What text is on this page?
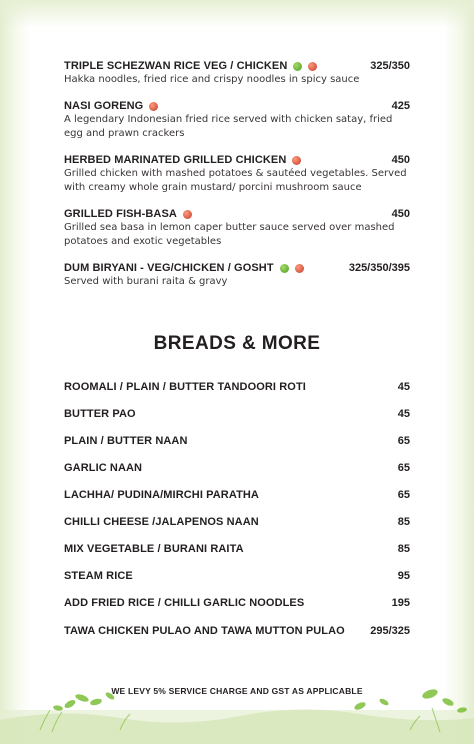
TRIPLE SCHEZWAN RICE VEG / CHICKEN	325/350
Hakka noodles, fried rice and crispy noodles in spicy sauce
NASI GORENG	425
A legendary Indonesian fried rice served with chicken satay, fried egg and prawn crackers
HERBED MARINATED GRILLED CHICKEN	450
Grilled chicken with mashed potatoes & sautéed vegetables. Served with creamy whole grain mustard/ porcini mushroom sauce
GRILLED FISH-BASA	450
Grilled sea basa in lemon caper butter sauce served over mashed potatoes and exotic vegetables
DUM BIRYANI - VEG/CHICKEN / GOSHT	325/350/395
Served with burani raita & gravy
BREADS & MORE
ROOMALI / PLAIN / BUTTER TANDOORI ROTI	45
BUTTER PAO	45
PLAIN / BUTTER NAAN	65
GARLIC NAAN	65
LACHHA/ PUDINA/MIRCHI PARATHA	65
CHILLI CHEESE /JALAPENOS NAAN	85
MIX VEGETABLE / BURANI RAITA	85
STEAM RICE	95
ADD FRIED RICE / CHILLI GARLIC NOODLES	195
TAWA CHICKEN PULAO AND TAWA MUTTON PULAO 295/325
WE LEVY 5% SERVICE CHARGE AND GST AS APPLICABLE
